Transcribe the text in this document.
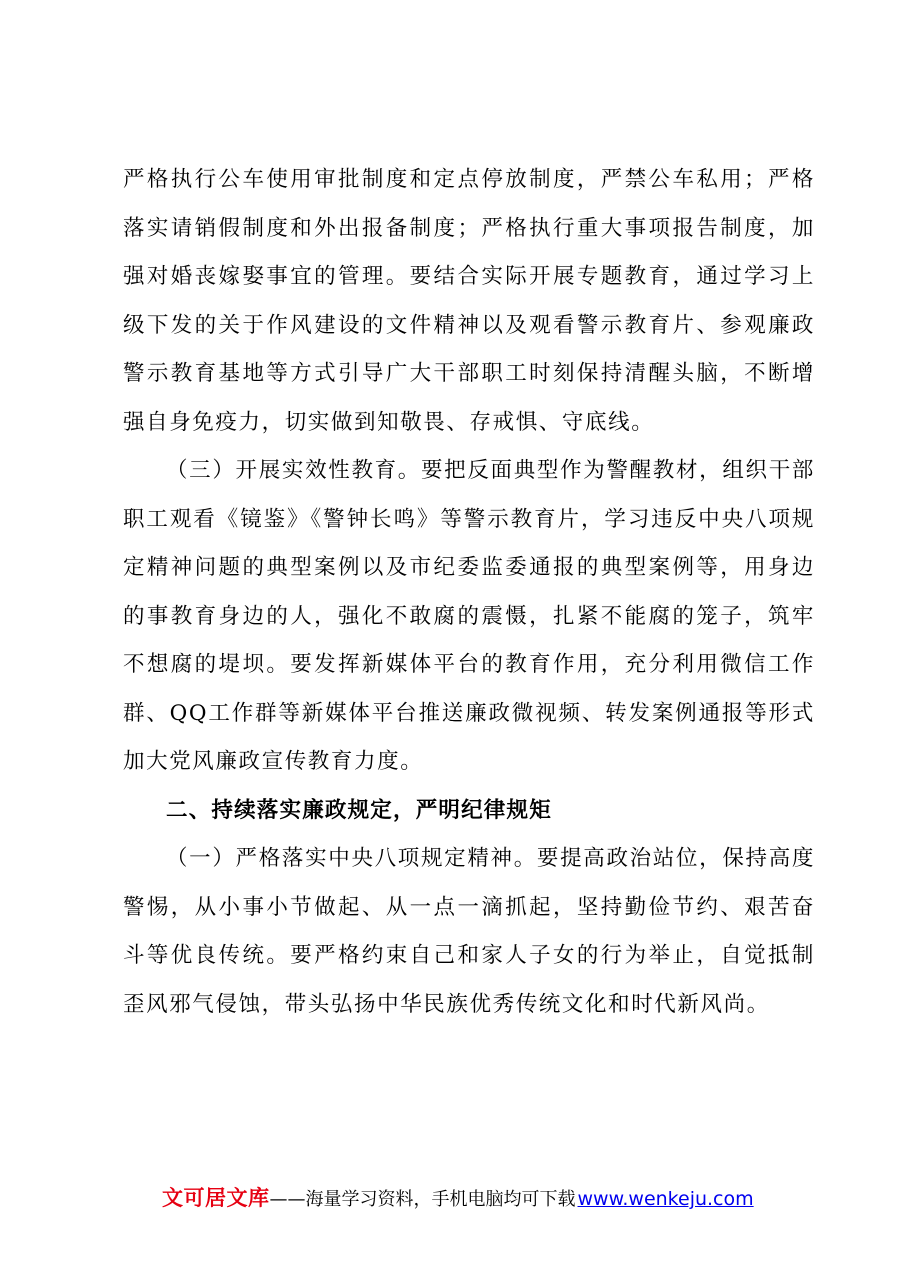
严格执行公车使用审批制度和定点停放制度，严禁公车私用；严格落实请销假制度和外出报备制度；严格执行重大事项报告制度，加强对婚丧嫁娶事宜的管理。要结合实际开展专题教育，通过学习上级下发的关于作风建设的文件精神以及观看警示教育片、参观廉政警示教育基地等方式引导广大干部职工时刻保持清醒头脑，不断增强自身免疫力，切实做到知敬畏、存戒惧、守底线。

（三）开展实效性教育。要把反面典型作为警醒教材，组织干部职工观看《镜鉴》《警钟长鸣》等警示教育片，学习违反中央八项规定精神问题的典型案例以及市纪委监委通报的典型案例等，用身边的事教育身边的人，强化不敢腐的震慑，扎紧不能腐的笼子，筑牢不想腐的堤坝。要发挥新媒体平台的教育作用，充分利用微信工作群、QQ工作群等新媒体平台推送廉政微视频、转发案例通报等形式加大党风廉政宣传教育力度。

二、持续落实廉政规定，严明纪律规矩

（一）严格落实中央八项规定精神。要提高政治站位，保持高度警惕，从小事小节做起、从一点一滴抓起，坚持勤俭节约、艰苦奋斗等优良传统。要严格约束自己和家人子女的行为举止，自觉抵制歪风邪气侵蚀，带头弘扬中华民族优秀传统文化和时代新风尚。

文可居文库——海量学习资料，手机电脑均可下载 www.wenkeju.com
